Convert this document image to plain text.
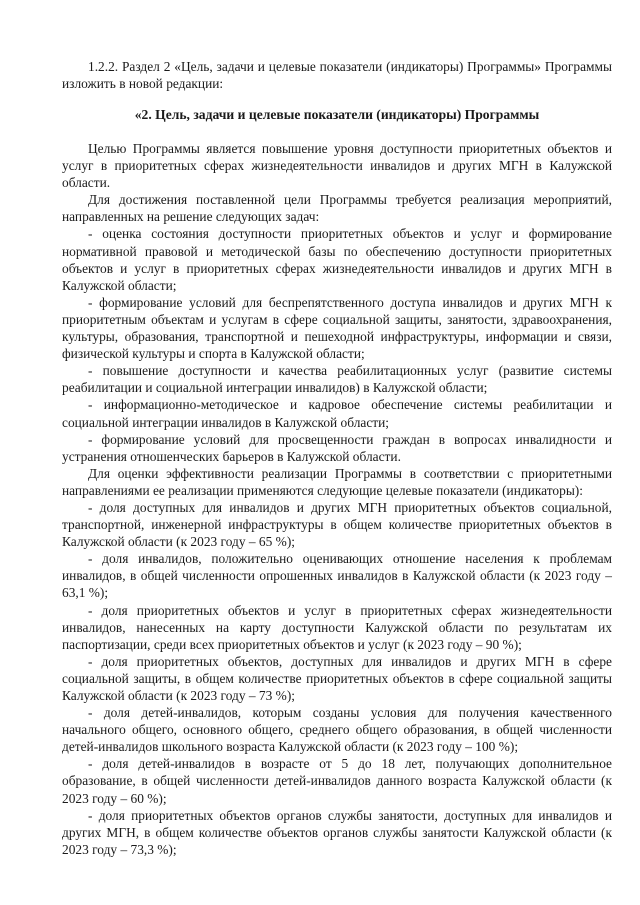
1.2.2. Раздел 2 «Цель, задачи и целевые показатели (индикаторы) Программы» Программы изложить в новой редакции:

«2. Цель, задачи и целевые показатели (индикаторы) Программы

Целью Программы является повышение уровня доступности приоритетных объектов и услуг в приоритетных сферах жизнедеятельности инвалидов и других МГН в Калужской области.

Для достижения поставленной цели Программы требуется реализация мероприятий, направленных на решение следующих задач:

- оценка состояния доступности приоритетных объектов и услуг и формирование нормативной правовой и методической базы по обеспечению доступности приоритетных объектов и услуг в приоритетных сферах жизнедеятельности инвалидов и других МГН в Калужской области;

- формирование условий для беспрепятственного доступа инвалидов и других МГН к приоритетным объектам и услугам в сфере социальной защиты, занятости, здравоохранения, культуры, образования, транспортной и пешеходной инфраструктуры, информации и связи, физической культуры и спорта в Калужской области;

- повышение доступности и качества реабилитационных услуг (развитие системы реабилитации и социальной интеграции инвалидов) в Калужской области;

- информационно-методическое и кадровое обеспечение системы реабилитации и социальной интеграции инвалидов в Калужской области;

- формирование условий для просвещенности граждан в вопросах инвалидности и устранения отношенческих барьеров в Калужской области.

Для оценки эффективности реализации Программы в соответствии с приоритетными направлениями ее реализации применяются следующие целевые показатели (индикаторы):

- доля доступных для инвалидов и других МГН приоритетных объектов социальной, транспортной, инженерной инфраструктуры в общем количестве приоритетных объектов в Калужской области (к 2023 году – 65 %);

- доля инвалидов, положительно оценивающих отношение населения к проблемам инвалидов, в общей численности опрошенных инвалидов в Калужской области (к 2023 году – 63,1 %);

- доля приоритетных объектов и услуг в приоритетных сферах жизнедеятельности инвалидов, нанесенных на карту доступности Калужской области по результатам их паспортизации, среди всех приоритетных объектов и услуг (к 2023 году – 90 %);

- доля приоритетных объектов, доступных для инвалидов и других МГН в сфере социальной защиты, в общем количестве приоритетных объектов в сфере социальной защиты Калужской области (к 2023 году – 73 %);

- доля детей-инвалидов, которым созданы условия для получения качественного начального общего, основного общего, среднего общего образования, в общей численности детей-инвалидов школьного возраста Калужской области (к 2023 году – 100 %);

- доля детей-инвалидов в возрасте от 5 до 18 лет, получающих дополнительное образование, в общей численности детей-инвалидов данного возраста Калужской области (к 2023 году – 60 %);

- доля приоритетных объектов органов службы занятости, доступных для инвалидов и других МГН, в общем количестве объектов органов службы занятости Калужской области (к 2023 году – 73,3 %);
